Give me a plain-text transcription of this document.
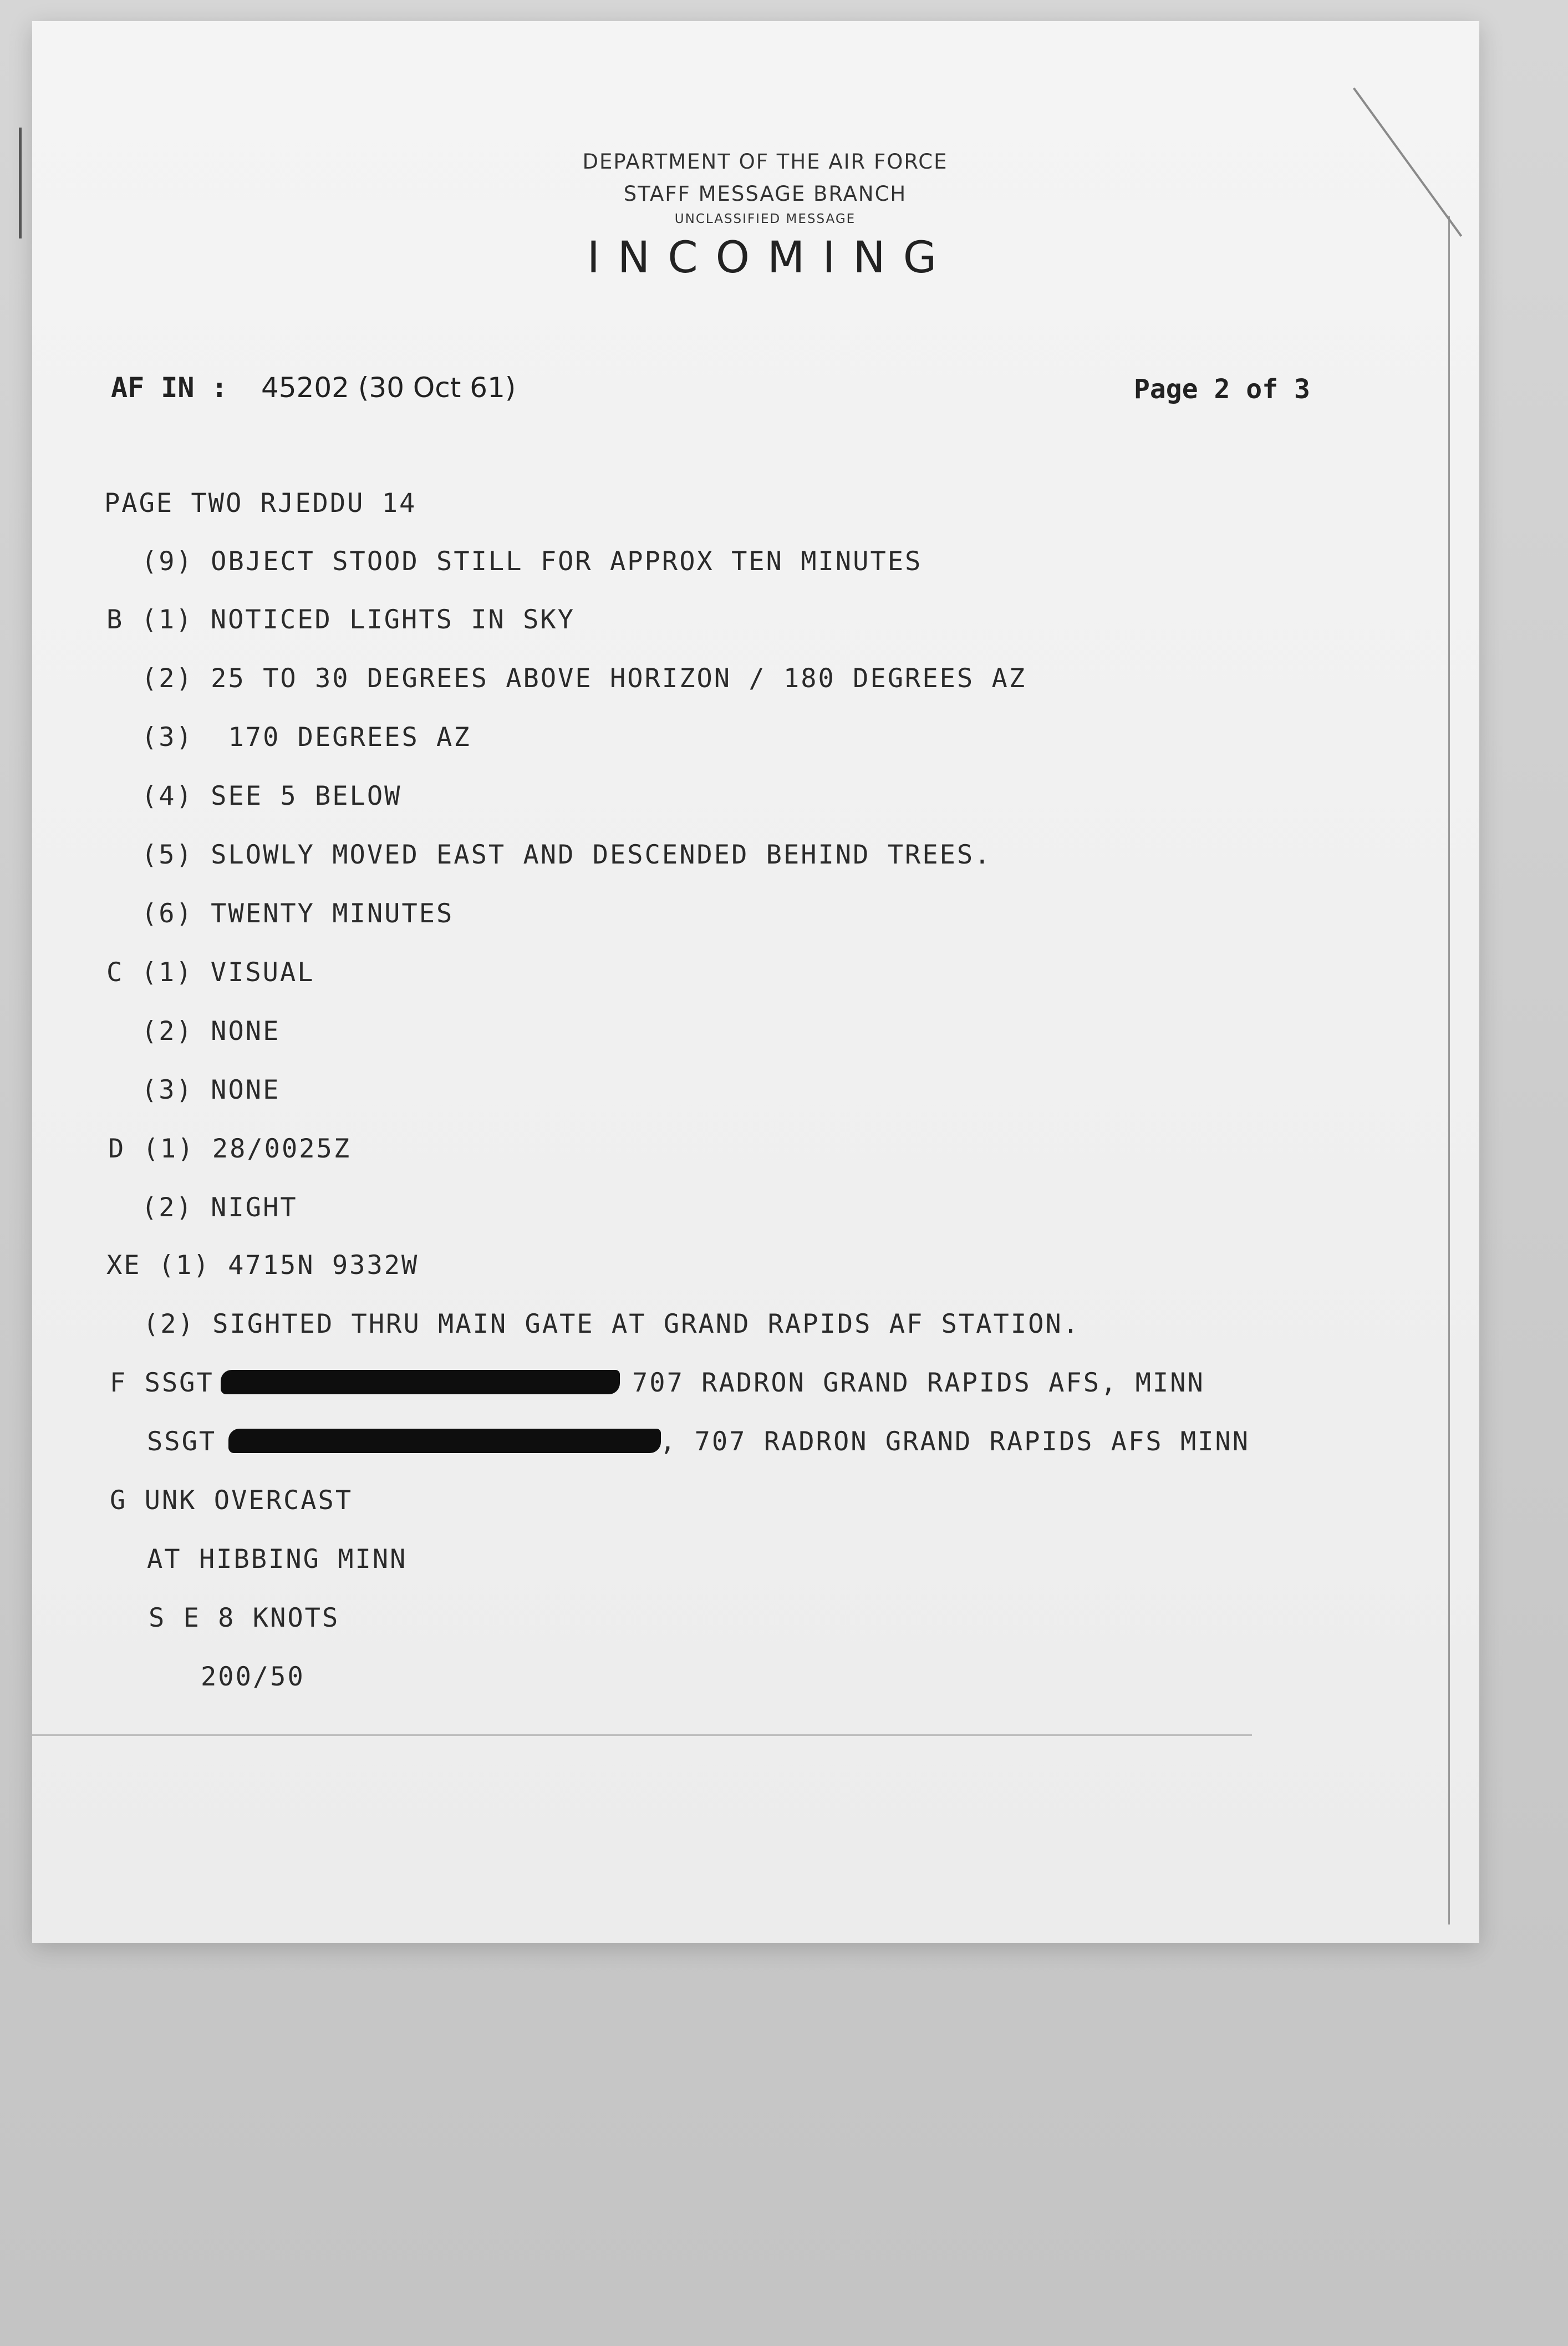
DEPARTMENT OF THE AIR FORCE
STAFF MESSAGE BRANCH
UNCLASSIFIED MESSAGE
INCOMING
AF IN : 45202 (30 Oct 61)	Page 2 of 3
PAGE TWO RJEDDU 14
(9) OBJECT STOOD STILL FOR APPROX TEN MINUTES
B (1) NOTICED LIGHTS IN SKY
(2) 25 TO 30 DEGREES ABOVE HORIZON / 180 DEGREES AZ
(3)  170 DEGREES AZ
(4) SEE 5 BELOW
(5) SLOWLY MOVED EAST AND DESCENDED BEHIND TREES.
(6) TWENTY MINUTES
C (1) VISUAL
(2) NONE
(3) NONE
D (1) 28/0025Z
(2) NIGHT
XE (1) 4715N 9332W
(2) SIGHTED THRU MAIN GATE AT GRAND RAPIDS AF STATION.
F SSGT	707 RADRON GRAND RAPIDS AFS, MINN
SSGT	, 707 RADRON GRAND RAPIDS AFS MINN
G UNK OVERCAST
AT HIBBING MINN
S E 8 KNOTS
200/50
